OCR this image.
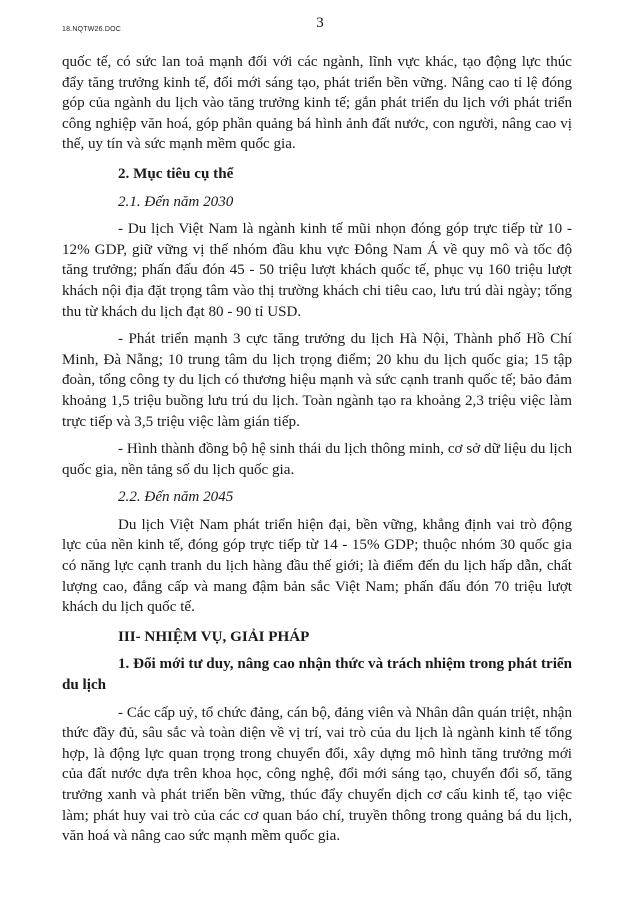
18.NQTW26.DOC	3

quốc tế, có sức lan toả mạnh đối với các ngành, lĩnh vực khác, tạo động lực thúc đẩy tăng trưởng kinh tế, đổi mới sáng tạo, phát triển bền vững. Nâng cao tỉ lệ đóng góp của ngành du lịch vào tăng trưởng kinh tế; gắn phát triển du lịch với phát triển công nghiệp văn hoá, góp phần quảng bá hình ảnh đất nước, con người, nâng cao vị thế, uy tín và sức mạnh mềm quốc gia.

2. Mục tiêu cụ thể

2.1. Đến năm 2030

- Du lịch Việt Nam là ngành kinh tế mũi nhọn đóng góp trực tiếp từ 10 - 12% GDP, giữ vững vị thế nhóm đầu khu vực Đông Nam Á về quy mô và tốc độ tăng trưởng; phấn đấu đón 45 - 50 triệu lượt khách quốc tế, phục vụ 160 triệu lượt khách nội địa đặt trọng tâm vào thị trường khách chi tiêu cao, lưu trú dài ngày; tổng thu từ khách du lịch đạt 80 - 90 tỉ USD.

- Phát triển mạnh 3 cực tăng trưởng du lịch Hà Nội, Thành phố Hồ Chí Minh, Đà Nẵng; 10 trung tâm du lịch trọng điểm; 20 khu du lịch quốc gia; 15 tập đoàn, tổng công ty du lịch có thương hiệu mạnh và sức cạnh tranh quốc tế; bảo đảm khoảng 1,5 triệu buồng lưu trú du lịch. Toàn ngành tạo ra khoảng 2,3 triệu việc làm trực tiếp và 3,5 triệu việc làm gián tiếp.

- Hình thành đồng bộ hệ sinh thái du lịch thông minh, cơ sở dữ liệu du lịch quốc gia, nền tảng số du lịch quốc gia.

2.2. Đến năm 2045

Du lịch Việt Nam phát triển hiện đại, bền vững, khẳng định vai trò động lực của nền kinh tế, đóng góp trực tiếp từ 14 - 15% GDP; thuộc nhóm 30 quốc gia có năng lực cạnh tranh du lịch hàng đầu thế giới; là điểm đến du lịch hấp dẫn, chất lượng cao, đẳng cấp và mang đậm bản sắc Việt Nam; phấn đấu đón 70 triệu lượt khách du lịch quốc tế.

III- NHIỆM VỤ, GIẢI PHÁP

1. Đổi mới tư duy, nâng cao nhận thức và trách nhiệm trong phát triển du lịch

- Các cấp uỷ, tổ chức đảng, cán bộ, đảng viên và Nhân dân quán triệt, nhận thức đầy đủ, sâu sắc và toàn diện về vị trí, vai trò của du lịch là ngành kinh tế tổng hợp, là động lực quan trọng trong chuyển đổi, xây dựng mô hình tăng trưởng mới của đất nước dựa trên khoa học, công nghệ, đổi mới sáng tạo, chuyển đổi số, tăng trưởng xanh và phát triển bền vững, thúc đẩy chuyển dịch cơ cấu kinh tế, tạo việc làm; phát huy vai trò của các cơ quan báo chí, truyền thông trong quảng bá du lịch, văn hoá và nâng cao sức mạnh mềm quốc gia.
